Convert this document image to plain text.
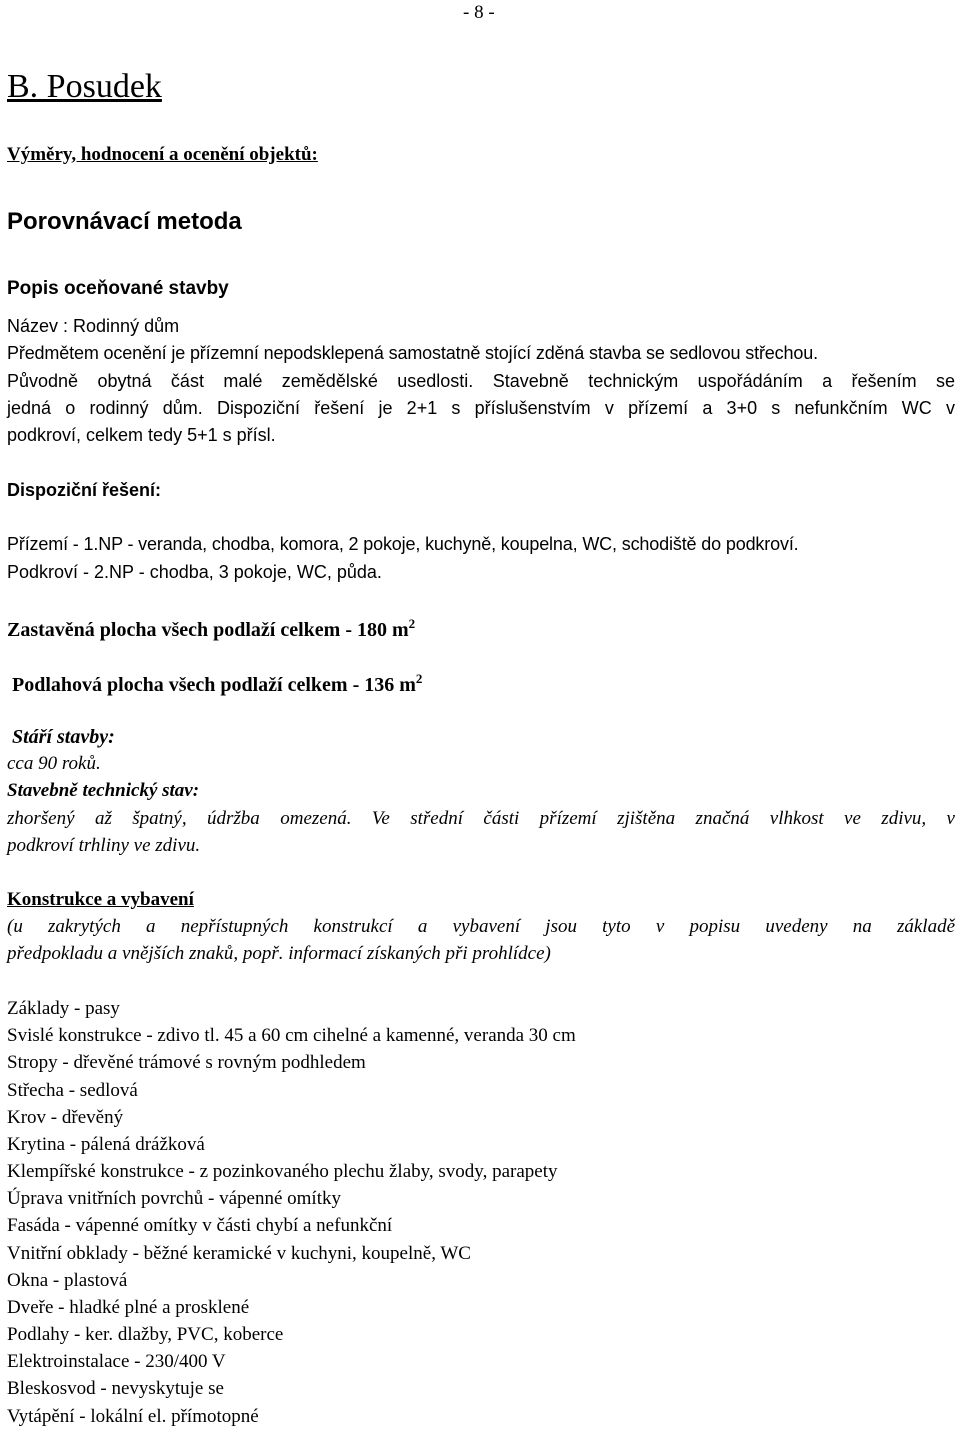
- 8 -
B. Posudek
Výměry, hodnocení a ocenění objektů:
Porovnávací metoda
Popis oceňované stavby
Název : Rodinný dům
Předmětem ocenění je přízemní nepodsklepená samostatně stojící zděná stavba se sedlovou střechou.
Původně obytná část malé zemědělské usedlosti. Stavebně technickým uspořádáním a řešením se
jedná o rodinný dům. Dispoziční řešení je 2+1 s příslušenstvím v přízemí a 3+0 s nefunkčním WC v
podkroví, celkem tedy 5+1 s přísl.
Dispoziční řešení:
Přízemí - 1.NP - veranda, chodba, komora, 2 pokoje, kuchyně, koupelna, WC, schodiště do podkroví.
Podkroví - 2.NP - chodba, 3 pokoje, WC, půda.
Zastavěná plocha všech podlaží celkem - 180 $m^2$
Podlahová plocha všech podlaží celkem - 136 $m^2$
Stáří stavby:
cca 90 roků.
Stavebně technický stav:
zhoršený až špatný, údržba omezená. Ve střední části přízemí zjištěna značná vlhkost ve zdivu, v
podkroví trhliny ve zdivu.
Konstrukce a vybavení
(u zakrytých a nepřístupných konstrukcí a vybavení jsou tyto v popisu uvedeny na základě
předpokladu a vnějších znaků, popř. informací získaných při prohlídce)
Základy - pasy
Svislé konstrukce - zdivo tl. 45 a 60 cm cihelné a kamenné, veranda 30 cm
Stropy - dřevěné trámové s rovným podhledem
Střecha - sedlová
Krov - dřevěný
Krytina - pálená drážková
Klempířské konstrukce - z pozinkovaného plechu žlaby, svody, parapety
Úprava vnitřních povrchů - vápenné omítky
Fasáda - vápenné omítky v části chybí a nefunkční
Vnitřní obklady - běžné keramické v kuchyni, koupelně, WC
Okna - plastová
Dveře - hladké plné a prosklené
Podlahy - ker. dlažby, PVC, koberce
Elektroinstalace - 230/400 V
Bleskosvod - nevyskytuje se
Vytápění - lokální el. přímotopné
